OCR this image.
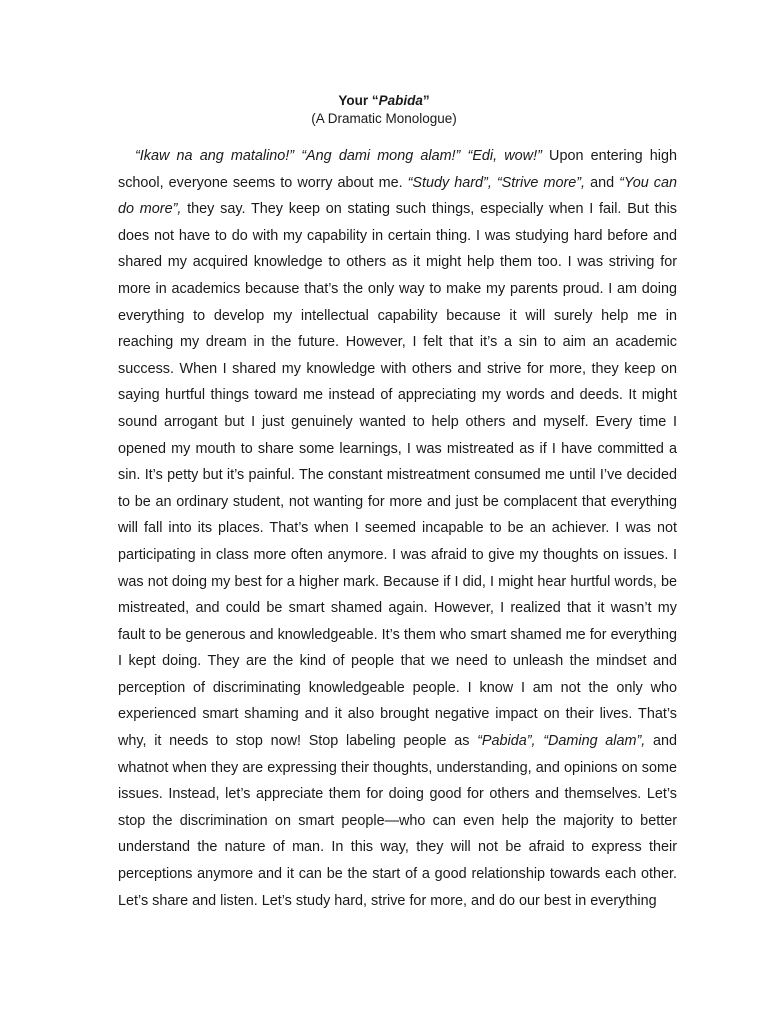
Your “Pabida”
(A Dramatic Monologue)

“Ikaw na ang matalino!” “Ang dami mong alam!” “Edi, wow!” Upon entering high school, everyone seems to worry about me. “Study hard”, “Strive more”, and “You can do more”, they say. They keep on stating such things, especially when I fail. But this does not have to do with my capability in certain thing. I was studying hard before and shared my acquired knowledge to others as it might help them too. I was striving for more in academics because that’s the only way to make my parents proud. I am doing everything to develop my intellectual capability because it will surely help me in reaching my dream in the future. However, I felt that it’s a sin to aim an academic success. When I shared my knowledge with others and strive for more, they keep on saying hurtful things toward me instead of appreciating my words and deeds. It might sound arrogant but I just genuinely wanted to help others and myself. Every time I opened my mouth to share some learnings, I was mistreated as if I have committed a sin. It’s petty but it’s painful. The constant mistreatment consumed me until I’ve decided to be an ordinary student, not wanting for more and just be complacent that everything will fall into its places. That’s when I seemed incapable to be an achiever. I was not participating in class more often anymore. I was afraid to give my thoughts on issues. I was not doing my best for a higher mark. Because if I did, I might hear hurtful words, be mistreated, and could be smart shamed again. However, I realized that it wasn’t my fault to be generous and knowledgeable. It’s them who smart shamed me for everything I kept doing. They are the kind of people that we need to unleash the mindset and perception of discriminating knowledgeable people. I know I am not the only who experienced smart shaming and it also brought negative impact on their lives. That’s why, it needs to stop now! Stop labeling people as “Pabida”, “Daming alam”, and whatnot when they are expressing their thoughts, understanding, and opinions on some issues. Instead, let’s appreciate them for doing good for others and themselves. Let’s stop the discrimination on smart people—who can even help the majority to better understand the nature of man. In this way, they will not be afraid to express their perceptions anymore and it can be the start of a good relationship towards each other. Let’s share and listen. Let’s study hard, strive for more, and do our best in everything
